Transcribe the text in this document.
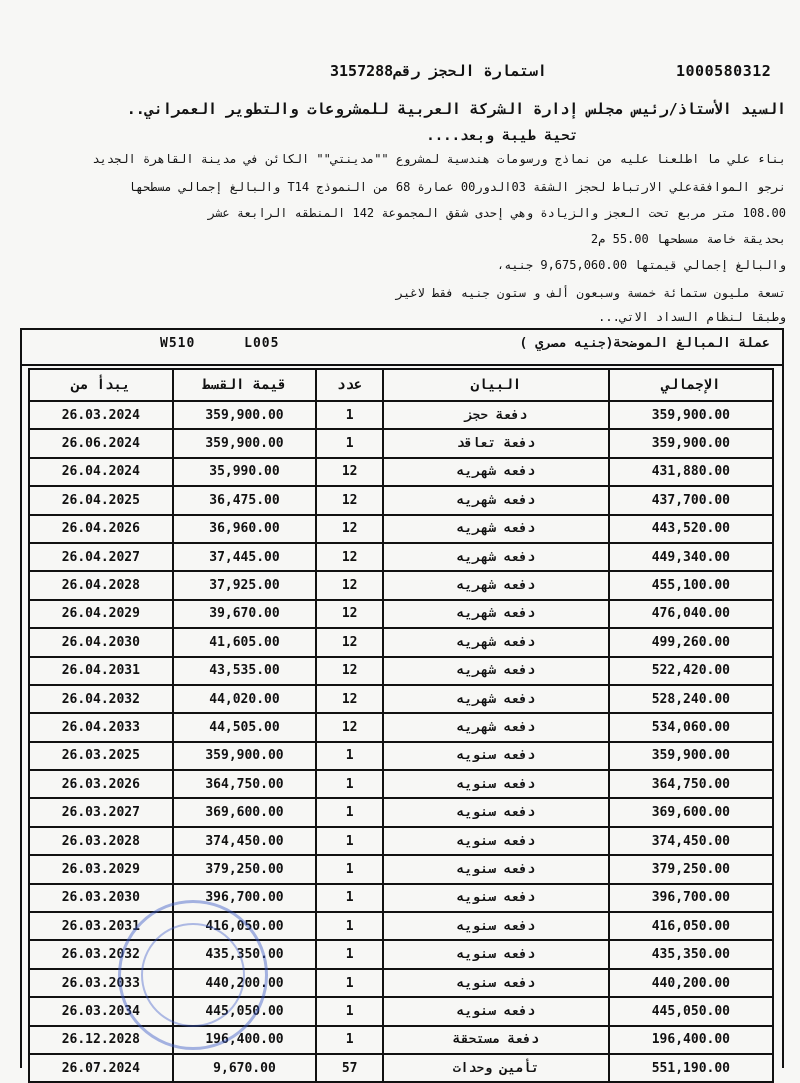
1000580312
استمارة الحجز رقم3157288
السيد الأستاذ/رئيس مجلس إدارة الشركة العربية للمشروعات والتطوير العمراني..
تحية طيبة وبعد....
بناء علي ما اطلعنا عليه من نماذج ورسومات هندسية لمشروع ""مدينتي"" الكائن في مدينة القاهرة الجديد
نرجو الموافقةعلي الارتباط لحجز الشقة 03الدور00 عمارة 68 من النموذج T14 والبالغ إجمالي مسطحها
108.00 متر مربع تحت العجز والزيادة وهي إحدى شقق المجموعة 142 المنطقه الرابعة عشر
بحديقة خاصة مسطحها 55.00 م2
والبالغ إجمالي قيمتها 9,675,060.00 جنيه،
تسعة مليون ستمائة خمسة وسبعون ألف و ستون جنيه فقط لاغير
وطبقا لنظام السداد الاتي...
عملة المبالغ الموضحة(جنيه مصري )
W510	L005
يبدأ من	قيمة القسط	عدد	البيان	الإجمالي
26.03.2024	359,900.00	1	دفعة حجز	359,900.00
26.06.2024	359,900.00	1	دفعة تعاقد	359,900.00
26.04.2024	35,990.00	12	دفعه شهريه	431,880.00
26.04.2025	36,475.00	12	دفعه شهريه	437,700.00
26.04.2026	36,960.00	12	دفعه شهريه	443,520.00
26.04.2027	37,445.00	12	دفعه شهريه	449,340.00
26.04.2028	37,925.00	12	دفعه شهريه	455,100.00
26.04.2029	39,670.00	12	دفعه شهريه	476,040.00
26.04.2030	41,605.00	12	دفعه شهريه	499,260.00
26.04.2031	43,535.00	12	دفعه شهريه	522,420.00
26.04.2032	44,020.00	12	دفعه شهريه	528,240.00
26.04.2033	44,505.00	12	دفعه شهريه	534,060.00
26.03.2025	359,900.00	1	دفعه سنويه	359,900.00
26.03.2026	364,750.00	1	دفعه سنويه	364,750.00
26.03.2027	369,600.00	1	دفعه سنويه	369,600.00
26.03.2028	374,450.00	1	دفعه سنويه	374,450.00
26.03.2029	379,250.00	1	دفعه سنويه	379,250.00
26.03.2030	396,700.00	1	دفعه سنويه	396,700.00
26.03.2031	416,050.00	1	دفعه سنويه	416,050.00
26.03.2032	435,350.00	1	دفعه سنويه	435,350.00
26.03.2033	440,200.00	1	دفعه سنويه	440,200.00
26.03.2034	445,050.00	1	دفعه سنويه	445,050.00
26.12.2028	196,400.00	1	دفعة مستحقة	196,400.00
26.07.2024	9,670.00	57	تأمين وحدات	551,190.00
